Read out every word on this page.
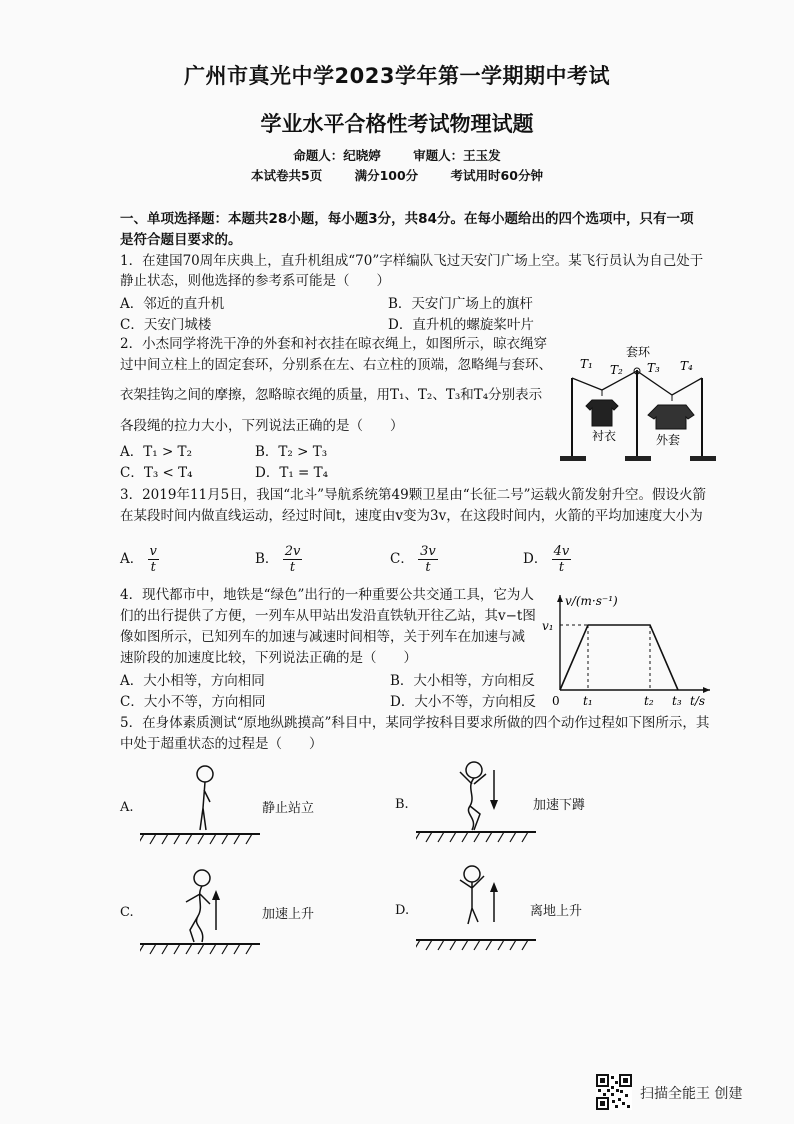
广州市真光中学2023学年第一学期期中考试
学业水平合格性考试物理试题
命题人：纪晓婷	审题人：王玉发
本试卷共5页	满分100分	考试用时60分钟
一、单项选择题：本题共28小题，每小题3分，共84分。在每小题给出的四个选项中，只有一项
是符合题目要求的。
1．在建国70周年庆典上，直升机组成“70”字样编队飞过天安门广场上空。某飞行员认为自己处于
静止状态，则他选择的参考系可能是（　　）
A．邻近的直升机	B．天安门广场上的旗杆
C．天安门城楼	D．直升机的螺旋桨叶片
2．小杰同学将洗干净的外套和衬衣挂在晾衣绳上，如图所示，晾衣绳穿
过中间立柱上的固定套环，分别系在左、右立柱的顶端，忽略绳与套环、
衣架挂钩之间的摩擦，忽略晾衣绳的质量，用T₁、T₂、T₃和T₄分别表示
各段绳的拉力大小，下列说法正确的是（　　）
A．T₁ > T₂	B．T₂ > T₃
C．T₃ < T₄	D．T₁ = T₄
T₁ T₂
套环
T₃ T₄
衬衣	外套
3．2019年11月5日，我国“北斗”导航系统第49颗卫星由“长征二号”运载火箭发射升空。假设火箭
在某段时间内做直线运动，经过时间t，速度由v变为3v，在这段时间内，火箭的平均加速度大小为
A． $\frac{v}{t}$	B． $\frac{2v}{t}$	C． $\frac{3v}{t}$	D． $\frac{4v}{t}$
4．现代都市中，地铁是“绿色”出行的一种重要公共交通工具，它为人
们的出行提供了方便，一列车从甲站出发沿直铁轨开往乙站，其v−t图
像如图所示，已知列车的加速与减速时间相等，关于列车在加速与减
速阶段的加速度比较，下列说法正确的是（　　）
A．大小相等，方向相同	B．大小相等，方向相反
C．大小不等，方向相同	D．大小不等，方向相反
v/(m·s⁻¹)
v₁
0 t₁	t₂ t₃ t/s
5．在身体素质测试“原地纵跳摸高”科目中，某同学按科目要求所做的四个动作过程如下图所示，其
中处于超重状态的过程是（　　）
A.	静止站立	B.	加速下蹲
C.	加速上升	D.	离地上升
扫描全能王 创建
